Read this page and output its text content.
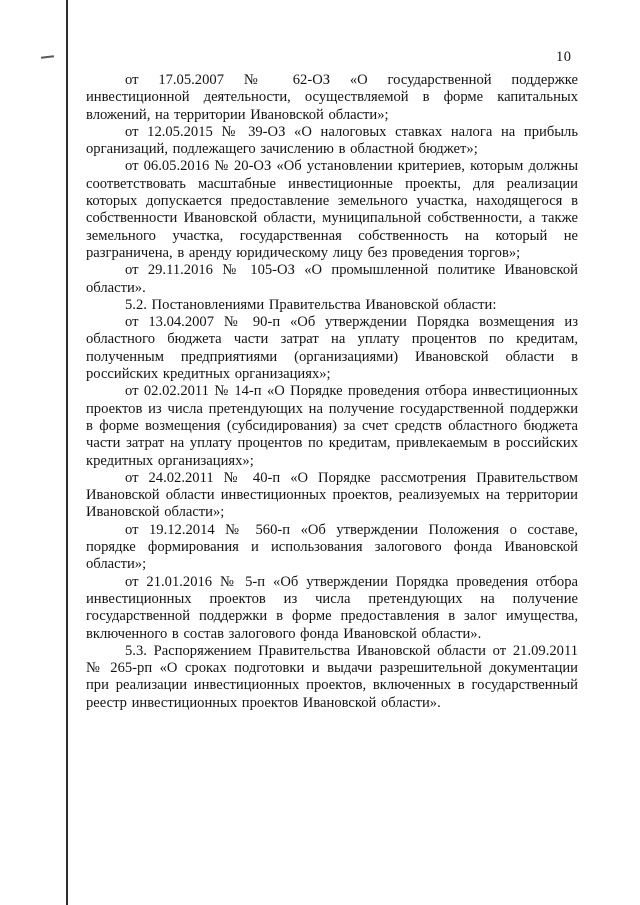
10

от 17.05.2007 № 62-ОЗ «О государственной поддержке инвестиционной деятельности, осуществляемой в форме капитальных вложений, на территории Ивановской области»;

от 12.05.2015 № 39-ОЗ «О налоговых ставках налога на прибыль организаций, подлежащего зачислению в областной бюджет»;

от 06.05.2016 № 20-ОЗ «Об установлении критериев, которым должны соответствовать масштабные инвестиционные проекты, для реализации которых допускается предоставление земельного участка, находящегося в собственности Ивановской области, муниципальной собственности, а также земельного участка, государственная собственность на который не разграничена, в аренду юридическому лицу без проведения торгов»;

от 29.11.2016 № 105-ОЗ «О промышленной политике Ивановской области».

5.2. Постановлениями Правительства Ивановской области:

от 13.04.2007 № 90-п «Об утверждении Порядка возмещения из областного бюджета части затрат на уплату процентов по кредитам, полученным предприятиями (организациями) Ивановской области в российских кредитных организациях»;

от 02.02.2011 № 14-п «О Порядке проведения отбора инвестиционных проектов из числа претендующих на получение государственной поддержки в форме возмещения (субсидирования) за счет средств областного бюджета части затрат на уплату процентов по кредитам, привлекаемым в российских кредитных организациях»;

от 24.02.2011 № 40-п «О Порядке рассмотрения Правительством Ивановской области инвестиционных проектов, реализуемых на территории Ивановской области»;

от 19.12.2014 № 560-п «Об утверждении Положения о составе, порядке формирования и использования залогового фонда Ивановской области»;

от 21.01.2016 № 5-п «Об утверждении Порядка проведения отбора инвестиционных проектов из числа претендующих на получение государственной поддержки в форме предоставления в залог имущества, включенного в состав залогового фонда Ивановской области».

5.3. Распоряжением Правительства Ивановской области от 21.09.2011 № 265-рп «О сроках подготовки и выдачи разрешительной документации при реализации инвестиционных проектов, включенных в государственный реестр инвестиционных проектов Ивановской области».
